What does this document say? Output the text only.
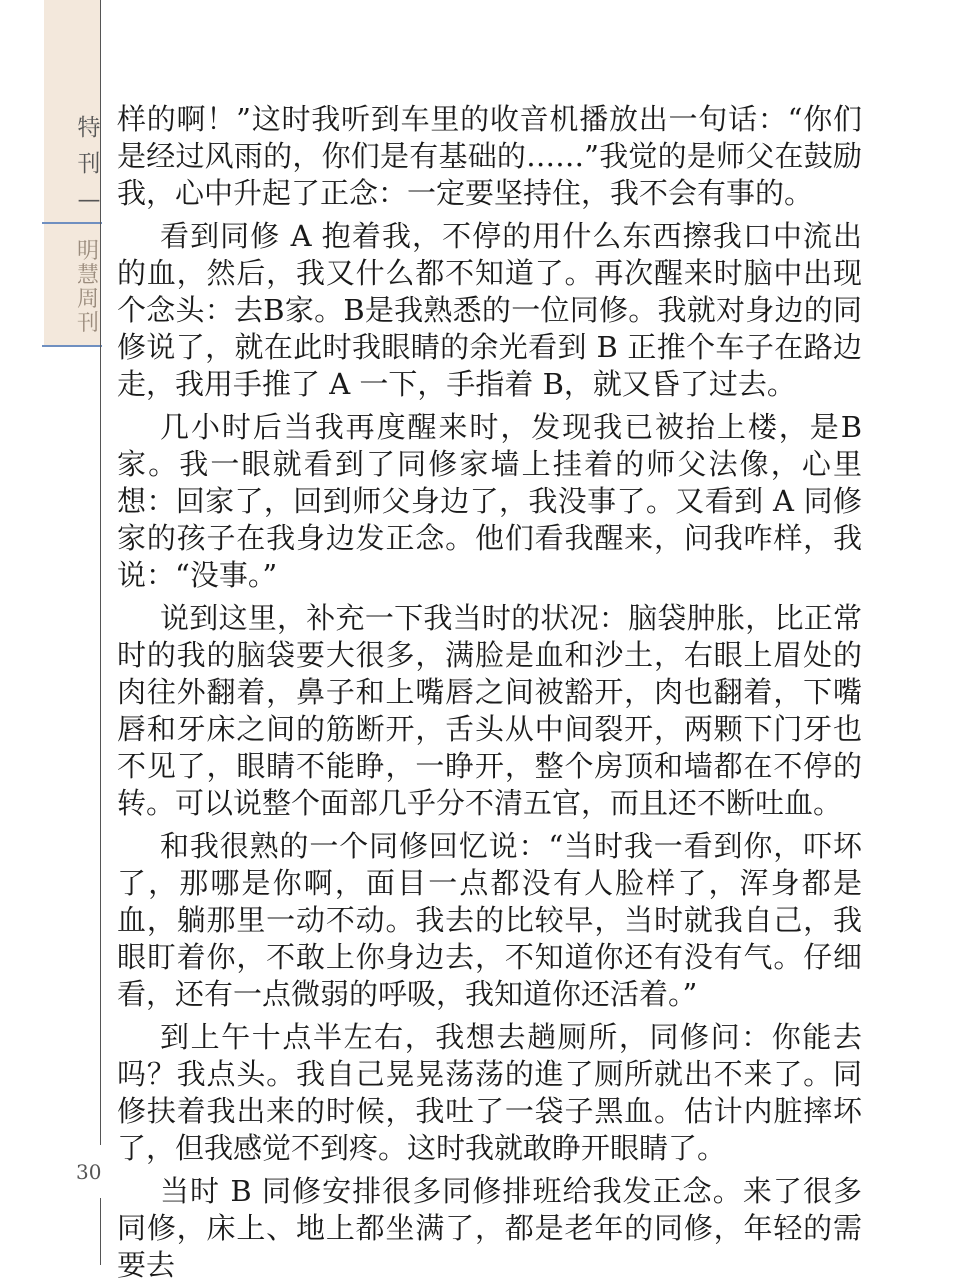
特刊—
明慧周刊

样的啊！”这时我听到车里的收音机播放出一句话：“你们是经过风雨的，你们是有基础的……”我觉的是师父在鼓励我，心中升起了正念：一定要坚持住，我不会有事的。

看到同修 A 抱着我，不停的用什么东西擦我口中流出的血，然后，我又什么都不知道了。再次醒来时脑中出现个念头：去B家。B是我熟悉的一位同修。我就对身边的同修说了，就在此时我眼睛的余光看到 B 正推个车子在路边走，我用手推了 A 一下，手指着 B，就又昏了过去。

几小时后当我再度醒来时，发现我已被抬上楼，是B家。我一眼就看到了同修家墙上挂着的师父法像，心里想：回家了，回到师父身边了，我没事了。又看到 A 同修家的孩子在我身边发正念。他们看我醒来，问我咋样，我说：“没事。”

说到这里，补充一下我当时的状况：脑袋肿胀，比正常时的我的脑袋要大很多，满脸是血和沙土，右眼上眉处的肉往外翻着，鼻子和上嘴唇之间被豁开，肉也翻着，下嘴唇和牙床之间的筋断开，舌头从中间裂开，两颗下门牙也不见了，眼睛不能睁，一睁开，整个房顶和墙都在不停的转。可以说整个面部几乎分不清五官，而且还不断吐血。

和我很熟的一个同修回忆说：“当时我一看到你，吓坏了，那哪是你啊，面目一点都没有人脸样了，浑身都是血，躺那里一动不动。我去的比较早，当时就我自己，我眼盯着你，不敢上你身边去，不知道你还有没有气。仔细看，还有一点微弱的呼吸，我知道你还活着。”

到上午十点半左右，我想去趟厕所，同修问：你能去吗？我点头。我自己晃晃荡荡的進了厕所就出不来了。同修扶着我出来的时候，我吐了一袋子黑血。估计内脏摔坏了，但我感觉不到疼。这时我就敢睁开眼睛了。

当时 B 同修安排很多同修排班给我发正念。来了很多同修，床上、地上都坐满了，都是老年的同修，年轻的需要去

30
